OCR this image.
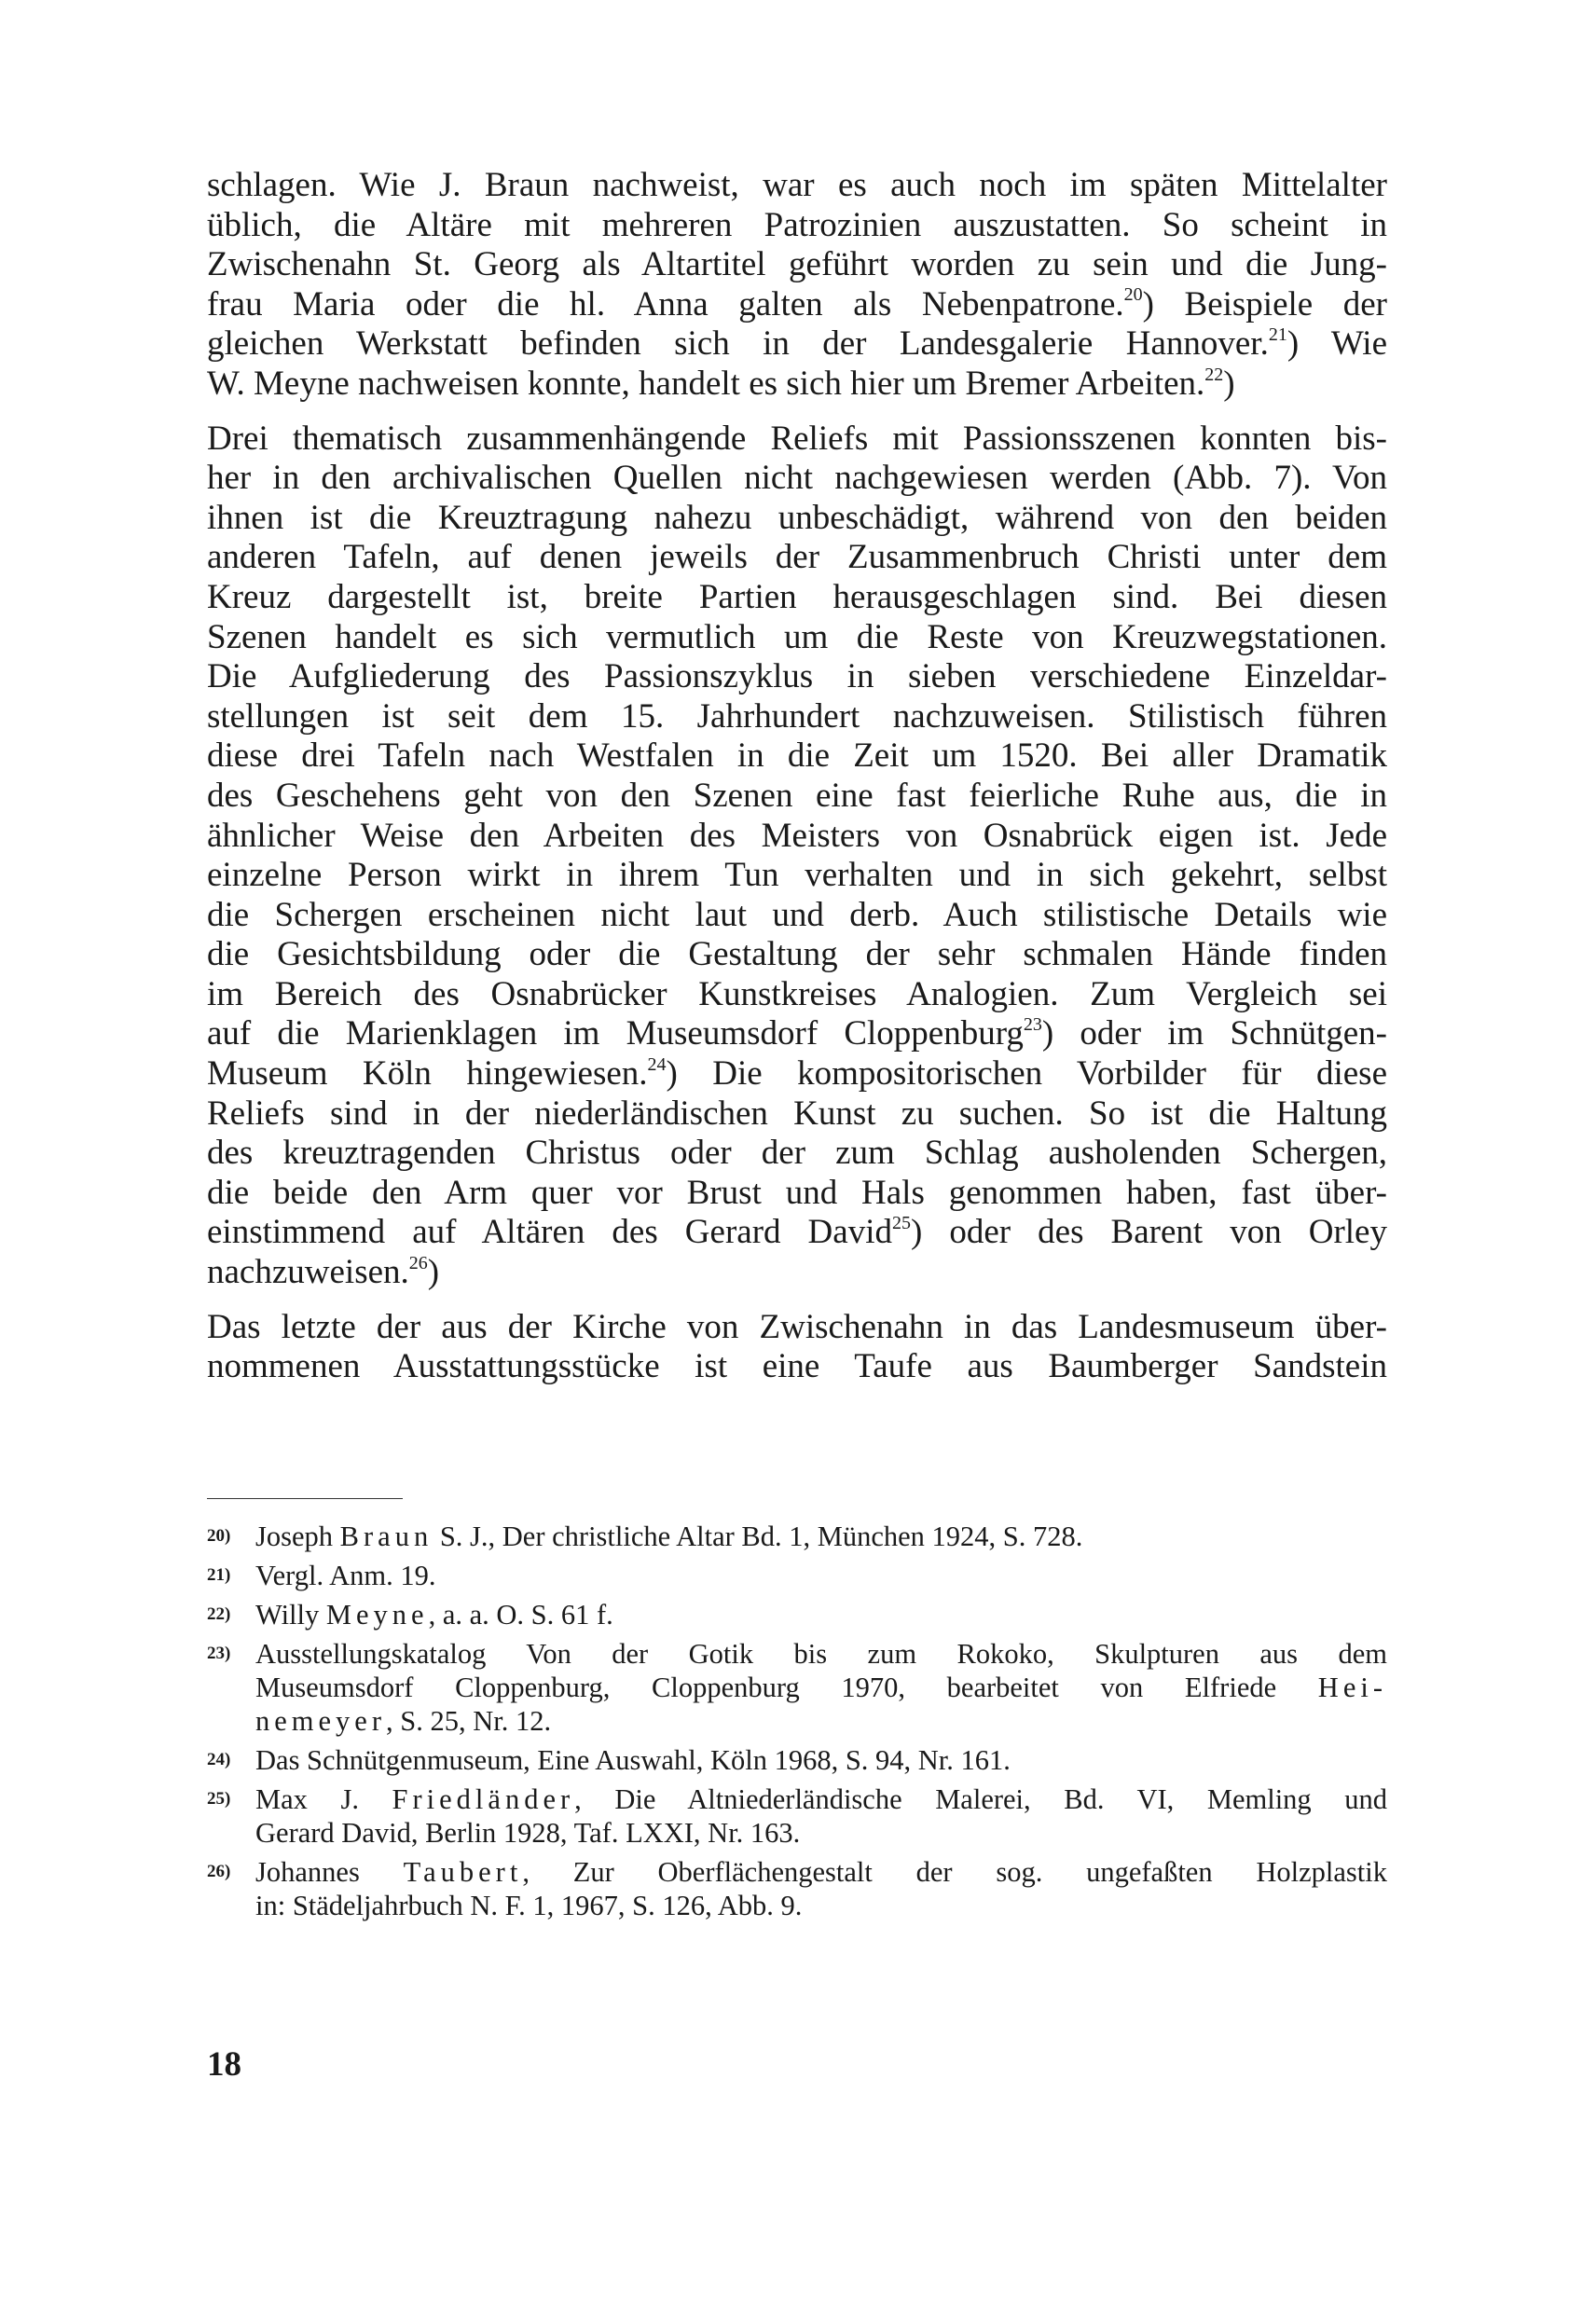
schlagen. Wie J. Braun nachweist, war es auch noch im späten Mittelalter
üblich, die Altäre mit mehreren Patrozinien auszustatten. So scheint in
Zwischenahn St. Georg als Altartitel geführt worden zu sein und die Jung-
frau Maria oder die hl. Anna galten als Nebenpatrone.$^{20}$) Beispiele der
gleichen Werkstatt befinden sich in der Landesgalerie Hannover.$^{21}$) Wie
W. Meyne nachweisen konnte, handelt es sich hier um Bremer Arbeiten.$^{22}$)
Drei thematisch zusammenhängende Reliefs mit Passionsszenen konnten bis-
her in den archivalischen Quellen nicht nachgewiesen werden (Abb. 7). Von
ihnen ist die Kreuztragung nahezu unbeschädigt, während von den beiden
anderen Tafeln, auf denen jeweils der Zusammenbruch Christi unter dem
Kreuz dargestellt ist, breite Partien herausgeschlagen sind. Bei diesen
Szenen handelt es sich vermutlich um die Reste von Kreuzwegstationen.
Die Aufgliederung des Passionszyklus in sieben verschiedene Einzeldar-
stellungen ist seit dem 15. Jahrhundert nachzuweisen. Stilistisch führen
diese drei Tafeln nach Westfalen in die Zeit um 1520. Bei aller Dramatik
des Geschehens geht von den Szenen eine fast feierliche Ruhe aus, die in
ähnlicher Weise den Arbeiten des Meisters von Osnabrück eigen ist. Jede
einzelne Person wirkt in ihrem Tun verhalten und in sich gekehrt, selbst
die Schergen erscheinen nicht laut und derb. Auch stilistische Details wie
die Gesichtsbildung oder die Gestaltung der sehr schmalen Hände finden
im Bereich des Osnabrücker Kunstkreises Analogien. Zum Vergleich sei
auf die Marienklagen im Museumsdorf Cloppenburg$^{23}$) oder im Schnütgen-
Museum Köln hingewiesen.$^{24}$) Die kompositorischen Vorbilder für diese
Reliefs sind in der niederländischen Kunst zu suchen. So ist die Haltung
des kreuztragenden Christus oder der zum Schlag ausholenden Schergen,
die beide den Arm quer vor Brust und Hals genommen haben, fast über-
einstimmend auf Altären des Gerard David$^{25}$) oder des Barent von Orley
nachzuweisen.$^{26}$)
Das letzte der aus der Kirche von Zwischenahn in das Landesmuseum über-
nommenen Ausstattungsstücke ist eine Taufe aus Baumberger Sandstein
20) Joseph Braun S. J., Der christliche Altar Bd. 1, München 1924, S. 728.
21) Vergl. Anm. 19.
22) Willy Meyne, a. a. O. S. 61 f.
23) Ausstellungskatalog Von der Gotik bis zum Rokoko, Skulpturen aus dem
Museumsdorf Cloppenburg, Cloppenburg 1970, bearbeitet von Elfriede Hei-
nemeyer, S. 25, Nr. 12.
24) Das Schnütgenmuseum, Eine Auswahl, Köln 1968, S. 94, Nr. 161.
25) Max J. Friedländer, Die Altniederländische Malerei, Bd. VI, Memling und
Gerard David, Berlin 1928, Taf. LXXI, Nr. 163.
26) Johannes Taubert, Zur Oberflächengestalt der sog. ungefaßten Holzplastik
in: Städeljahrbuch N. F. 1, 1967, S. 126, Abb. 9.
18
